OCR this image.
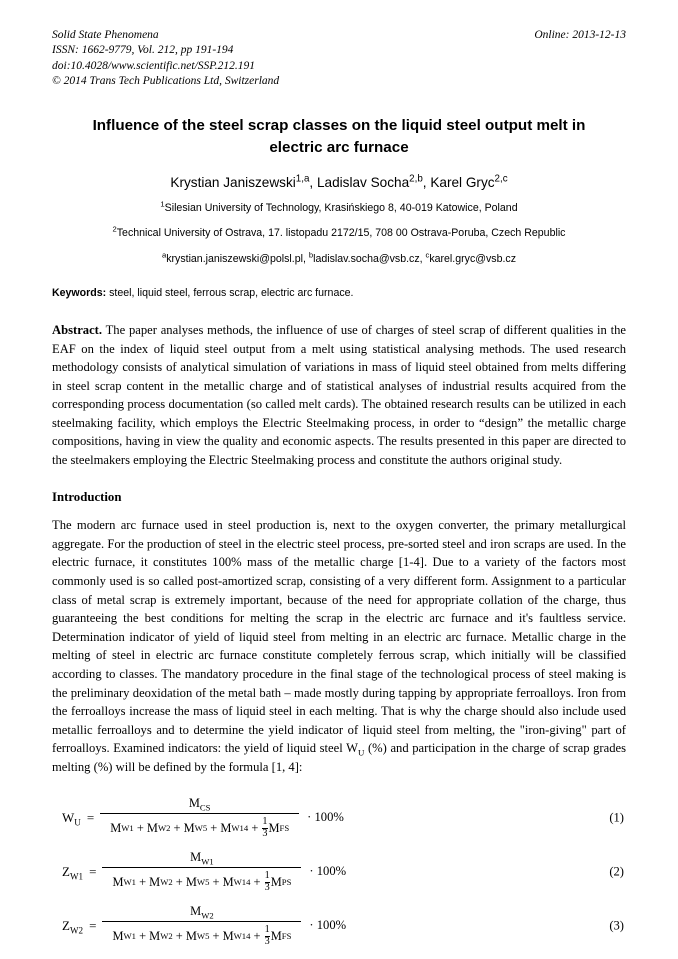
Online: 2013-12-13
Solid State Phenomena
ISSN: 1662-9779, Vol. 212, pp 191-194
doi:10.4028/www.scientific.net/SSP.212.191
© 2014 Trans Tech Publications Ltd, Switzerland
Influence of the steel scrap classes on the liquid steel output melt in electric arc furnace
Krystian Janiszewski$^{1,a}$, Ladislav Socha$^{2,b}$, Karel Gryc$^{2,c}$
$^1$Silesian University of Technology, Krasińskiego 8, 40-019 Katowice, Poland
$^2$Technical University of Ostrava, 17. listopadu 2172/15, 708 00 Ostrava-Poruba, Czech Republic
$^a$krystian.janiszewski@polsl.pl, $^b$ladislav.socha@vsb.cz, $^c$karel.gryc@vsb.cz
Keywords: steel, liquid steel, ferrous scrap, electric arc furnace.
Abstract. The paper analyses methods, the influence of use of charges of steel scrap of different qualities in the EAF on the index of liquid steel output from a melt using statistical analysing methods. The used research methodology consists of analytical simulation of variations in mass of liquid steel obtained from melts differing in steel scrap content in the metallic charge and of statistical analyses of industrial results acquired from the corresponding process documentation (so called melt cards). The obtained research results can be utilized in each steelmaking facility, which employs the Electric Steelmaking process, in order to “design” the metallic charge compositions, having in view the quality and economic aspects. The results presented in this paper are directed to the steelmakers employing the Electric Steelmaking process and constitute the authors original study.
Introduction
The modern arc furnace used in steel production is, next to the oxygen converter, the primary metallurgical aggregate. For the production of steel in the electric steel process, pre-sorted steel and iron scraps are used. In the electric furnace, it constitutes 100% mass of the metallic charge [1-4]. Due to a variety of the factors most commonly used is so called post-amortized scrap, consisting of a very different form. Assignment to a particular class of metal scrap is extremely important, because of the need for appropriate collation of the charge, thus guaranteeing the best conditions for melting the scrap in the electric arc furnace and it's faultless service. Determination indicator of yield of liquid steel from melting in an electric arc furnace. Metallic charge in the melting of steel in electric arc furnace constitute completely ferrous scrap, which initially will be classified according to classes. The mandatory procedure in the final stage of the technological process of steel making is the preliminary deoxidation of the metal bath – made mostly during tapping by appropriate ferroalloys. Iron from the ferroalloys increase the mass of liquid steel in each melting. That is why the charge should also include used metallic ferroalloys and to determine the yield indicator of liquid steel from melting, the "iron-giving" part of ferroalloys. Examined indicators: the yield of liquid steel $W_U$ (%) and participation in the charge of scrap grades melting (%) will be defined by the formula [1, 4]:
$W_U = M_{CS}$
M W1 + M W2 + M W5 + M W14 + 1
3 M FS · 100%	(1)
$Z_{W1} = M_{W1}$
M W1 + M W2 + M W5 + M W14 + 1
3 M PS · 100%	(2)
$Z_{W2} = M_{W2}$
M W1 + M W2 + M W5 + M W14 + 1
3 M FS · 100%	(3)
